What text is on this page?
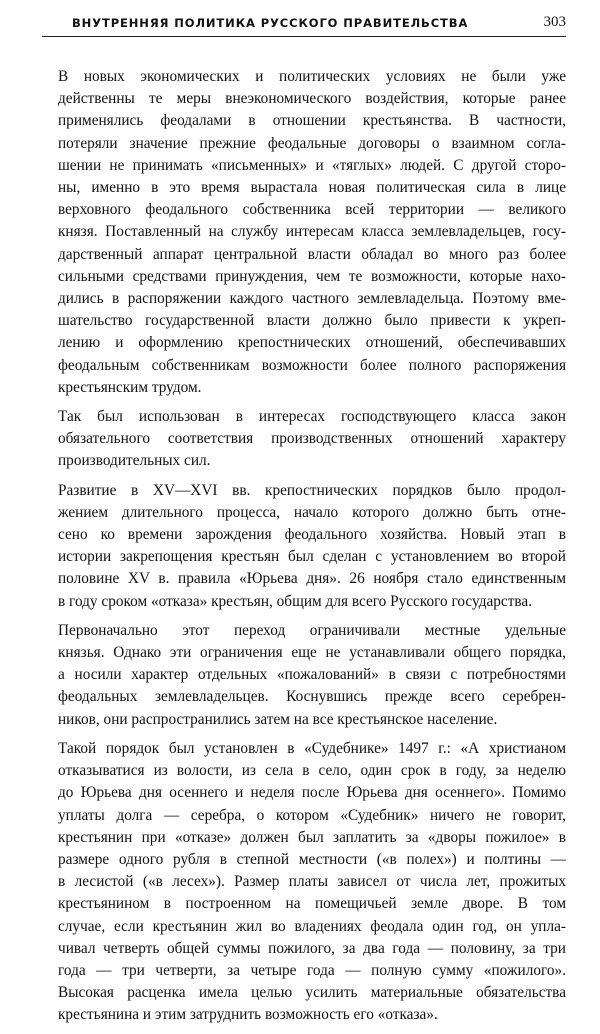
ВНУТРЕННЯЯ ПОЛИТИКА РУССКОГО ПРАВИТЕЛЬСТВА	303

В новых экономических и политических условиях не были уже
действенны те меры внеэкономического воздействия, которые ранее
применялись феодалами в отношении крестьянства. В частности,
потеряли значение прежние феодальные договоры о взаимном согла-
шении не принимать «письменных» и «тяглых» людей. С другой сторо-
ны, именно в это время вырастала новая политическая сила в лице
верховного феодального собственника всей территории — великого
князя. Поставленный на службу интересам класса землевладельцев, госу-
дарственный аппарат центральной власти обладал во много раз более
сильными средствами принуждения, чем те возможности, которые нахо-
дились в распоряжении каждого частного землевладельца. Поэтому вме-
шательство государственной власти должно было привести к укреп-
лению и оформлению крепостнических отношений, обеспечивавших
феодальным собственникам возможности более полного распоряжения
крестьянским трудом.

Так был использован в интересах господствующего класса закон
обязательного соответствия производственных отношений характеру
производительных сил.

Развитие в XV—XVI вв. крепостнических порядков было продол-
жением длительного процесса, начало которого должно быть отне-
сено ко времени зарождения феодального хозяйства. Новый этап в
истории закрепощения крестьян был сделан с установлением во второй
половине XV в. правила «Юрьева дня». 26 ноября стало единственным
в году сроком «отказа» крестьян, общим для всего Русского государства.

Первоначально этот переход ограничивали местные удельные
князья. Однако эти ограничения еще не устанавливали общего порядка,
а носили характер отдельных «пожалований» в связи с потребностями
феодальных землевладельцев. Коснувшись прежде всего серебрен-
ников, они распространились затем на все крестьянское население.

Такой порядок был установлен в «Судебнике» 1497 г.: «А христианом
отказыватися из волости, из села в село, один срок в году, за неделю
до Юрьева дня осеннего и неделя после Юрьева дня осеннего». Помимо
уплаты долга — серебра, о котором «Судебник» ничего не говорит,
крестьянин при «отказе» должен был заплатить за «дворы пожилое» в
размере одного рубля в степной местности («в полех») и полтины —
в лесистой («в лесех»). Размер платы зависел от числа лет, прожитых
крестьянином в построенном на помещичьей земле дворе. В том
случае, если крестьянин жил во владениях феодала один год, он упла-
чивал четверть общей суммы пожилого, за два года — половину, за три
года — три четверти, за четыре года — полную сумму «пожилого».
Высокая расценка имела целью усилить материальные обязательства
крестьянина и этим затруднить возможность его «отказа».
